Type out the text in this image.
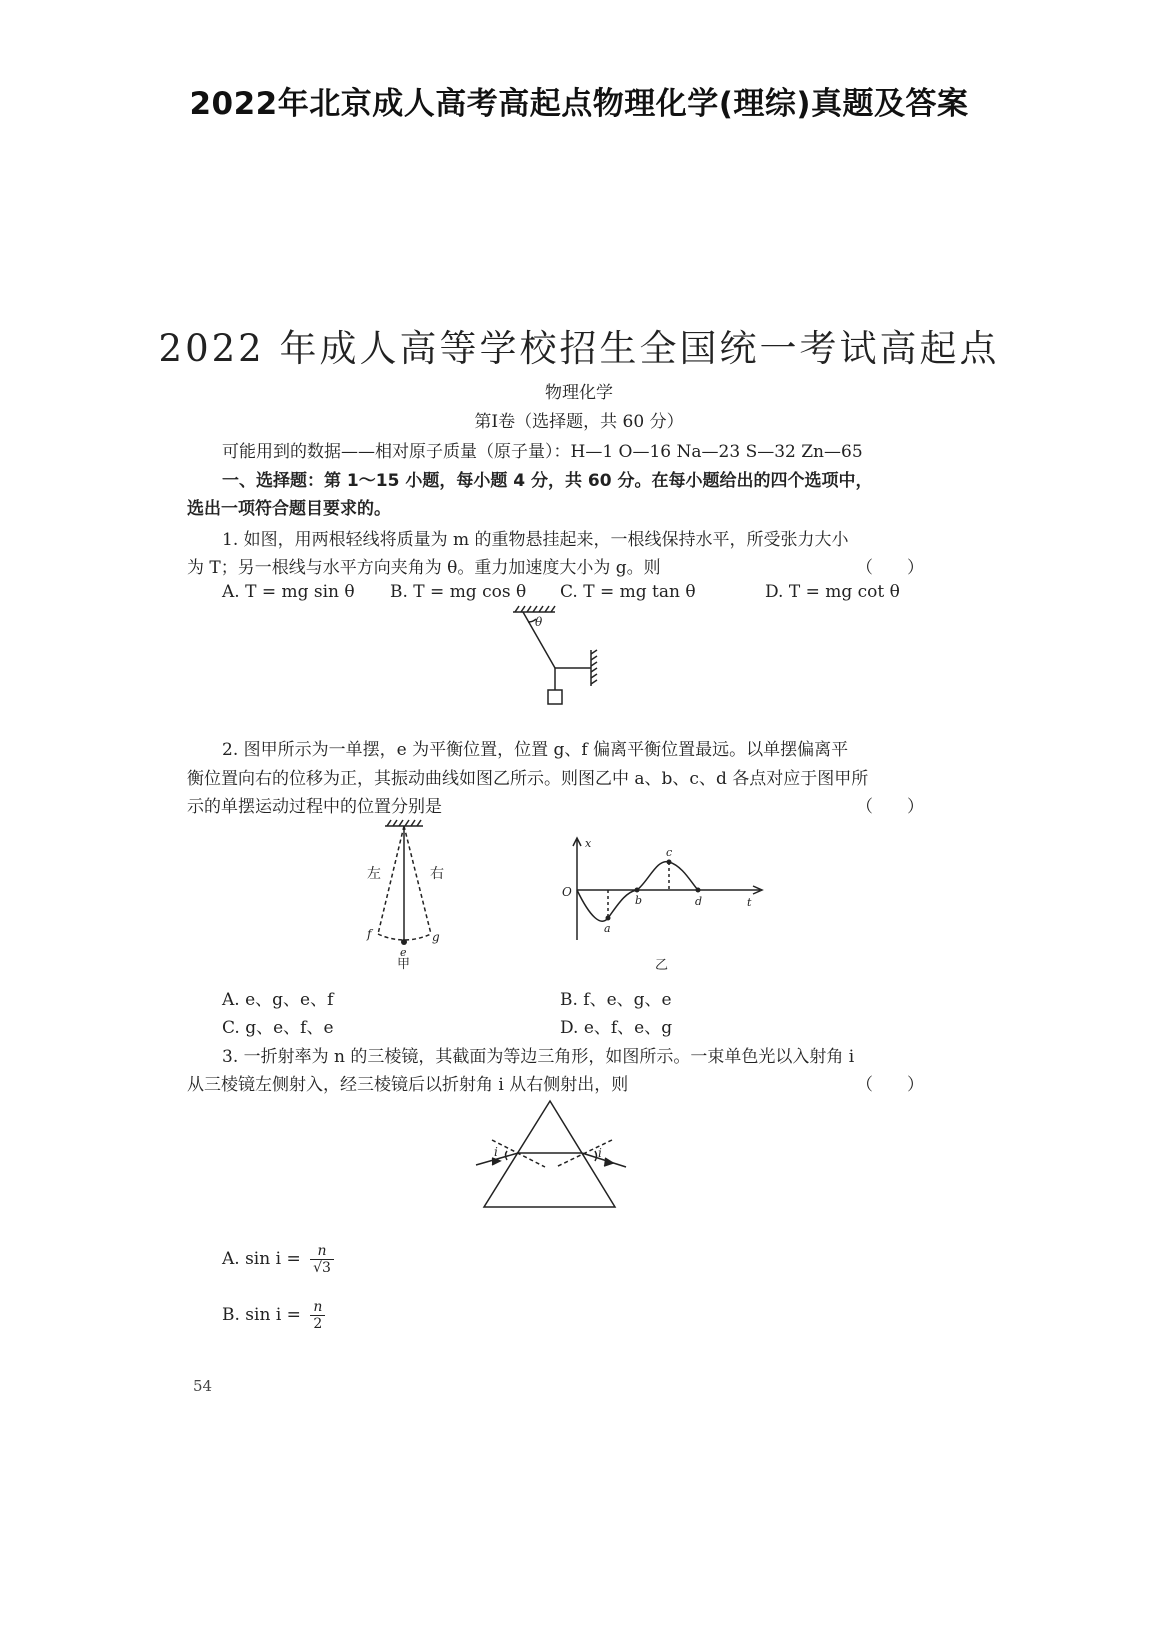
2022年北京成人高考高起点物理化学(理综)真题及答案
2022 年成人高等学校招生全国统一考试高起点
物理化学
第Ⅰ卷（选择题，共 60 分）
可能用到的数据——相对原子质量（原子量）：H—1 O—16 Na—23 S—32 Zn—65
一、选择题：第 1～15 小题，每小题 4 分，共 60 分。在每小题给出的四个选项中，
选出一项符合题目要求的。
1. 如图，用两根轻线将质量为 m 的重物悬挂起来，一根线保持水平，所受张力大小
为 T；另一根线与水平方向夹角为 θ。重力加速度大小为 g。则	（　　）
A. T = mg sin θ B. T = mg cos θ C. T = mg tan θ	D. T = mg cot θ
θ
2. 图甲所示为一单摆，e 为平衡位置，位置 g、f 偏离平衡位置最远。以单摆偏离平
衡位置向右的位移为正，其振动曲线如图乙所示。则图乙中 a、b、c、d 各点对应于图甲所
示的单摆运动过程中的位置分别是	（　　）
左	右
f
e
g
甲
x
t
O
a
b
c
d
乙
A. e、g、e、f	B. f、e、g、e
C. g、e、f、e	D. e、f、e、g
3. 一折射率为 n 的三棱镜，其截面为等边三角形，如图所示。一束单色光以入射角 i
从三棱镜左侧射入，经三棱镜后以折射角 i 从右侧射出，则	（　　）
i	i
A. $\sin i = \frac{n}{√3}$
B. $\sin i = \frac{n}{2}$
54
